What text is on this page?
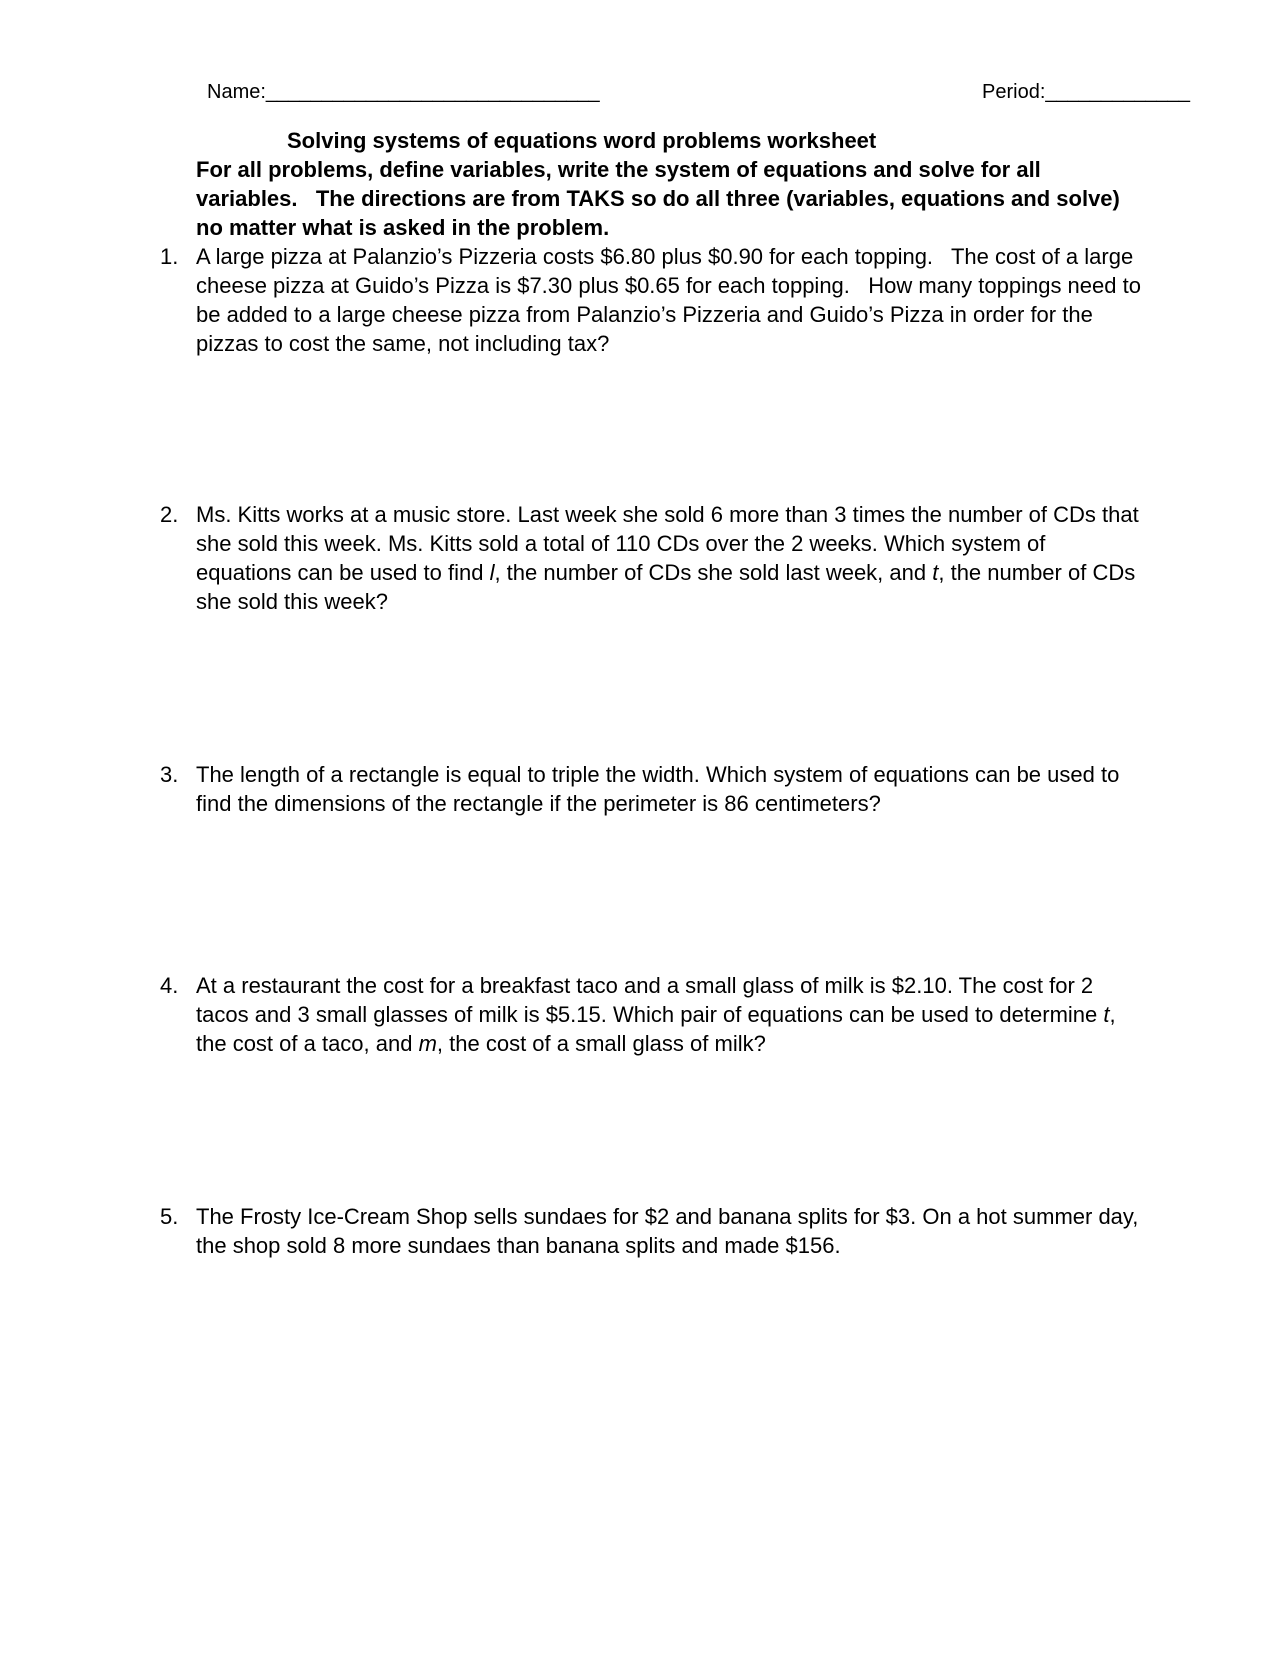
Name:______________________________	Period:_____________
Solving systems of equations word problems worksheet
For all problems, define variables, write the system of equations and solve for all variables.   The directions are from TAKS so do all three (variables, equations and solve) no matter what is asked in the problem.
1. A large pizza at Palanzio’s Pizzeria costs $6.80 plus $0.90 for each topping.   The cost of a large cheese pizza at Guido’s Pizza is $7.30 plus $0.65 for each topping.   How many toppings need to be added to a large cheese pizza from Palanzio’s Pizzeria and Guido’s Pizza in order for the pizzas to cost the same, not including tax?

2. Ms. Kitts works at a music store. Last week she sold 6 more than 3 times the number of CDs that she sold this week. Ms. Kitts sold a total of 110 CDs over the 2 weeks. Which system of equations can be used to find l, the number of CDs she sold last week, and t, the number of CDs she sold this week?

3. The length of a rectangle is equal to triple the width. Which system of equations can be used to find the dimensions of the rectangle if the perimeter is 86 centimeters?

4. At a restaurant the cost for a breakfast taco and a small glass of milk is $2.10. The cost for 2 tacos and 3 small glasses of milk is $5.15. Which pair of equations can be used to determine t, the cost of a taco, and m, the cost of a small glass of milk?

5. The Frosty Ice-Cream Shop sells sundaes for $2 and banana splits for $3. On a hot summer day, the shop sold 8 more sundaes than banana splits and made $156.
